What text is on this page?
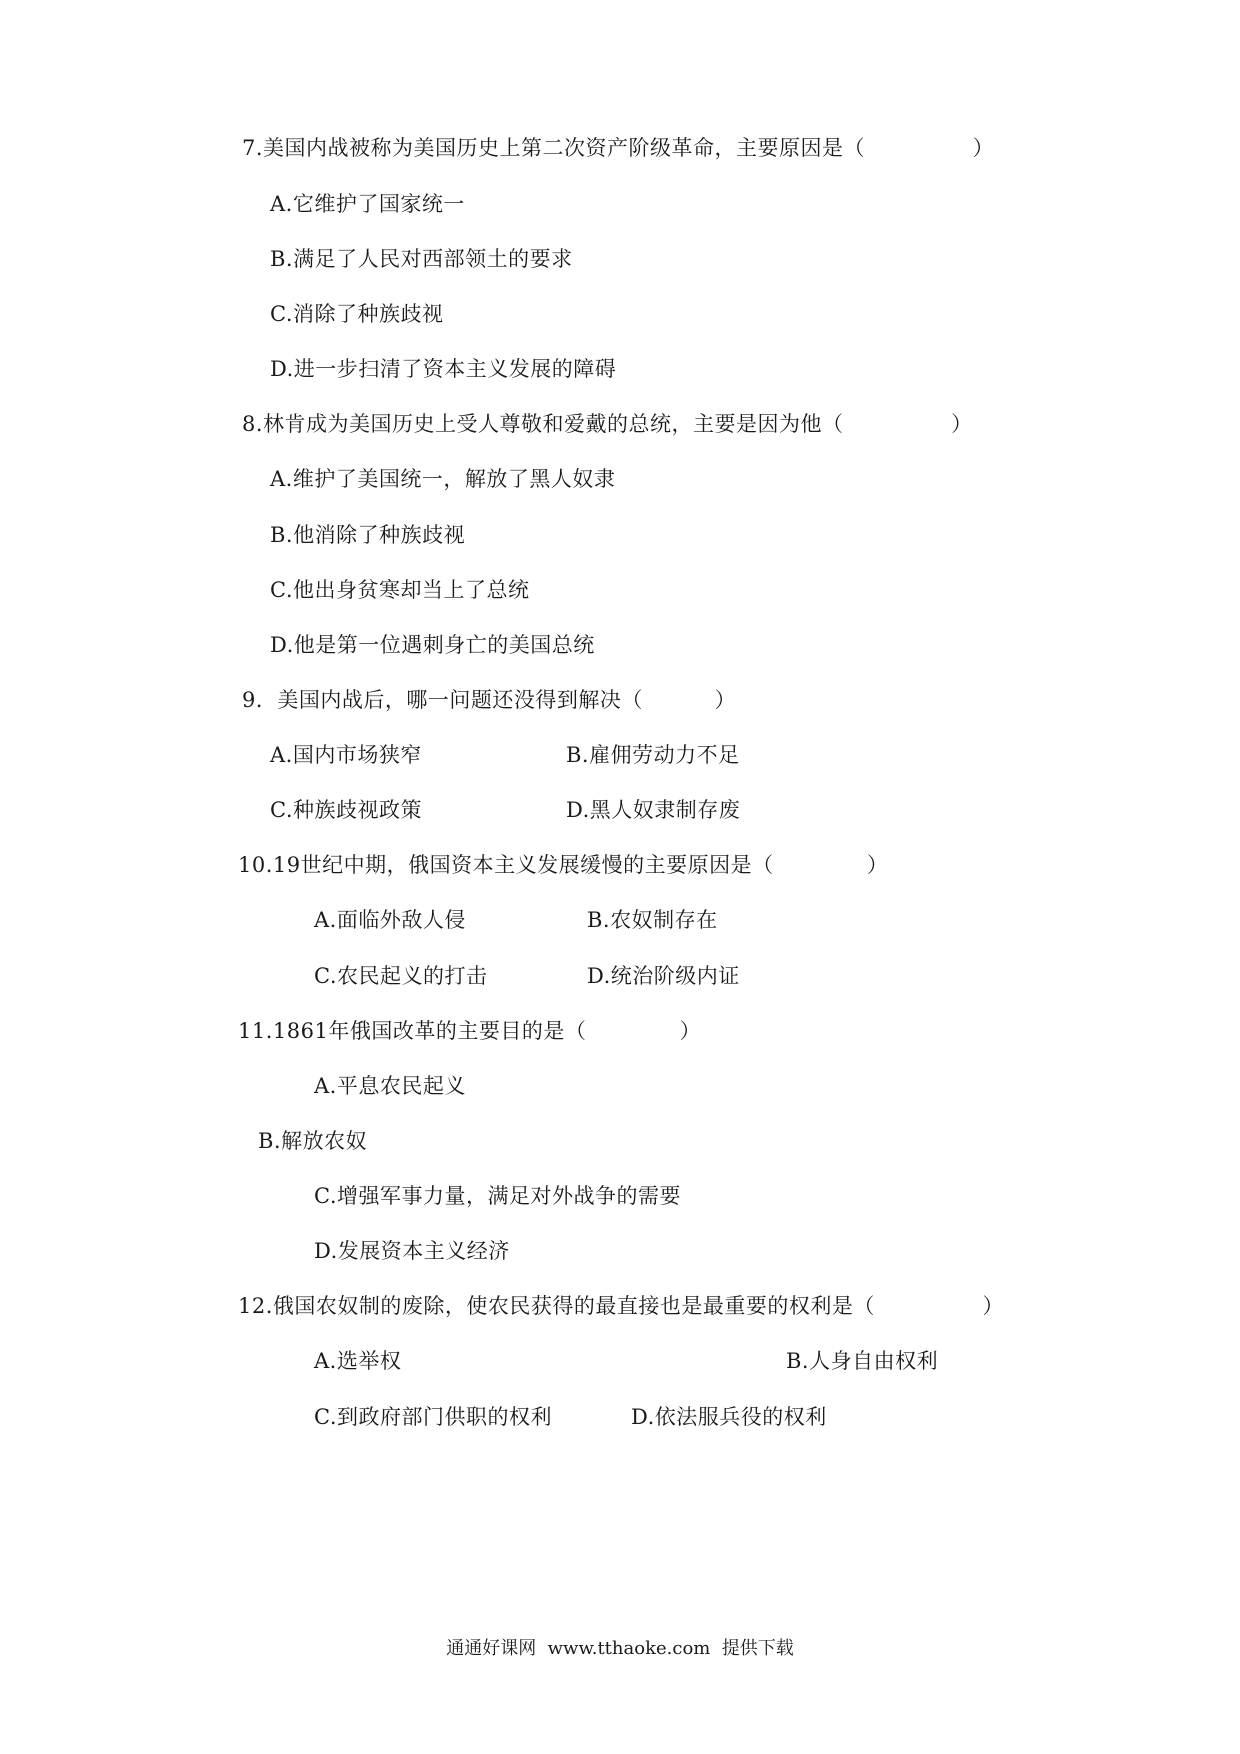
7.美国内战被称为美国历史上第二次资产阶级革命，主要原因是（               ）
A.它维护了国家统一
B.满足了人民对西部领土的要求
C.消除了种族歧视
D.进一步扫清了资本主义发展的障碍
8.林肯成为美国历史上受人尊敬和爱戴的总统，主要是因为他（               ）
A.维护了美国统一，解放了黑人奴隶
B.他消除了种族歧视
C.他出身贫寒却当上了总统
D.他是第一位遇刺身亡的美国总统
9．美国内战后，哪一问题还没得到解决（          ）
A.国内市场狭窄	B.雇佣劳动力不足
C.种族歧视政策	D.黑人奴隶制存废
10.19世纪中期，俄国资本主义发展缓慢的主要原因是（             ）
A.面临外敌人侵	B.农奴制存在
C.农民起义的打击	D.统治阶级内证
11.1861年俄国改革的主要目的是（             ）
A.平息农民起义
B.解放农奴
C.增强军事力量，满足对外战争的需要
D.发展资本主义经济
12.俄国农奴制的废除，使农民获得的最直接也是最重要的权利是（               ）
A.选举权	B.人身自由权利
C.到政府部门供职的权利	D.依法服兵役的权利
通通好课网  www.tthaoke.com  提供下载
